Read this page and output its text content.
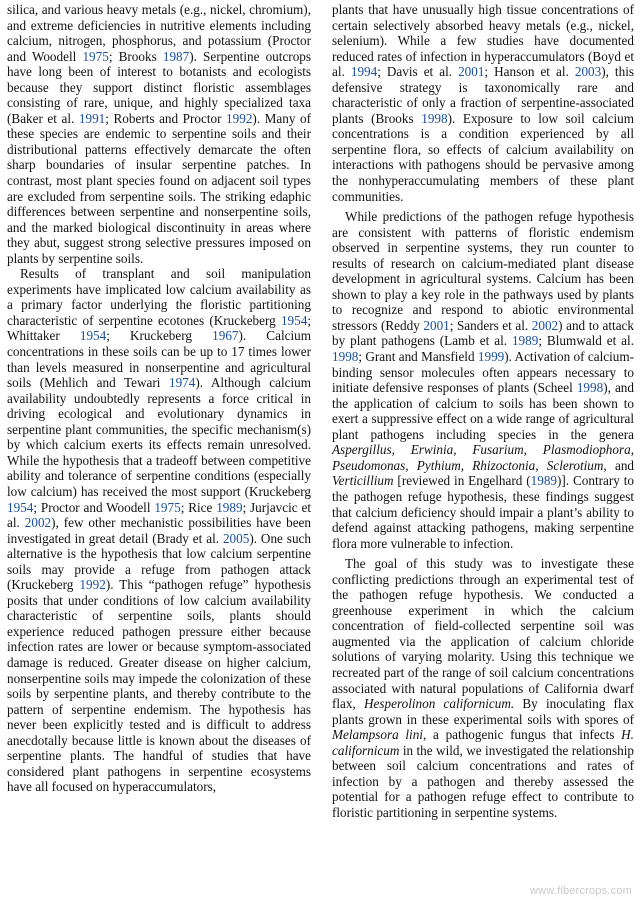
silica, and various heavy metals (e.g., nickel, chromium), and extreme deficiencies in nutritive elements including calcium, nitrogen, phosphorus, and potassium (Proctor and Woodell 1975; Brooks 1987). Serpentine outcrops have long been of interest to botanists and ecologists because they support distinct floristic assemblages consisting of rare, unique, and highly specialized taxa (Baker et al. 1991; Roberts and Proctor 1992). Many of these species are endemic to serpentine soils and their distributional patterns effectively demarcate the often sharp boundaries of insular serpentine patches. In contrast, most plant species found on adjacent soil types are excluded from serpentine soils. The striking edaphic differences between serpentine and nonserpentine soils, and the marked biological discontinuity in areas where they abut, suggest strong selective pressures imposed on plants by serpentine soils.

Results of transplant and soil manipulation experiments have implicated low calcium availability as a primary factor underlying the floristic partitioning characteristic of serpentine ecotones (Kruckeberg 1954; Whittaker 1954; Kruckeberg 1967). Calcium concentrations in these soils can be up to 17 times lower than levels measured in nonserpentine and agricultural soils (Mehlich and Tewari 1974). Although calcium availability undoubtedly represents a force critical in driving ecological and evolutionary dynamics in serpentine plant communities, the specific mechanism(s) by which calcium exerts its effects remain unresolved. While the hypothesis that a tradeoff between competitive ability and tolerance of serpentine conditions (especially low calcium) has received the most support (Kruckeberg 1954; Proctor and Woodell 1975; Rice 1989; Jurjavcic et al. 2002), few other mechanistic possibilities have been investigated in great detail (Brady et al. 2005). One such alternative is the hypothesis that low calcium serpentine soils may provide a refuge from pathogen attack (Kruckeberg 1992). This “pathogen refuge” hypothesis posits that under conditions of low calcium availability characteristic of serpentine soils, plants should experience reduced pathogen pressure either because infection rates are lower or because symptom-associated damage is reduced. Greater disease on higher calcium, nonserpentine soils may impede the colonization of these soils by serpentine plants, and thereby contribute to the pattern of serpentine endemism. The hypothesis has never been explicitly tested and is difficult to address anecdotally because little is known about the diseases of serpentine plants. The handful of studies that have considered plant pathogens in serpentine ecosystems have all focused on hyperaccumulators,

plants that have unusually high tissue concentrations of certain selectively absorbed heavy metals (e.g., nickel, selenium). While a few studies have documented reduced rates of infection in hyperaccumulators (Boyd et al. 1994; Davis et al. 2001; Hanson et al. 2003), this defensive strategy is taxonomically rare and characteristic of only a fraction of serpentine-associated plants (Brooks 1998). Exposure to low soil calcium concentrations is a condition experienced by all serpentine flora, so effects of calcium availability on interactions with pathogens should be pervasive among the nonhyperaccumulating members of these plant communities.

While predictions of the pathogen refuge hypothesis are consistent with patterns of floristic endemism observed in serpentine systems, they run counter to results of research on calcium-mediated plant disease development in agricultural systems. Calcium has been shown to play a key role in the pathways used by plants to recognize and respond to abiotic environmental stressors (Reddy 2001; Sanders et al. 2002) and to attack by plant pathogens (Lamb et al. 1989; Blumwald et al. 1998; Grant and Mansfield 1999). Activation of calcium-binding sensor molecules often appears necessary to initiate defensive responses of plants (Scheel 1998), and the application of calcium to soils has been shown to exert a suppressive effect on a wide range of agricultural plant pathogens including species in the genera Aspergillus, Erwinia, Fusarium, Plasmodiophora, Pseudomonas, Pythium, Rhizoctonia, Sclerotium, and Verticillium [reviewed in Engelhard (1989)]. Contrary to the pathogen refuge hypothesis, these findings suggest that calcium deficiency should impair a plant’s ability to defend against attacking pathogens, making serpentine flora more vulnerable to infection.

The goal of this study was to investigate these conflicting predictions through an experimental test of the pathogen refuge hypothesis. We conducted a greenhouse experiment in which the calcium concentration of field-collected serpentine soil was augmented via the application of calcium chloride solutions of varying molarity. Using this technique we recreated part of the range of soil calcium concentrations associated with natural populations of California dwarf flax, Hesperolinon californicum. By inoculating flax plants grown in these experimental soils with spores of Melampsora lini, a pathogenic fungus that infects H. californicum in the wild, we investigated the relationship between soil calcium concentrations and rates of infection by a pathogen and thereby assessed the potential for a pathogen refuge effect to contribute to floristic partitioning in serpentine systems.

www.fibercrops.com
